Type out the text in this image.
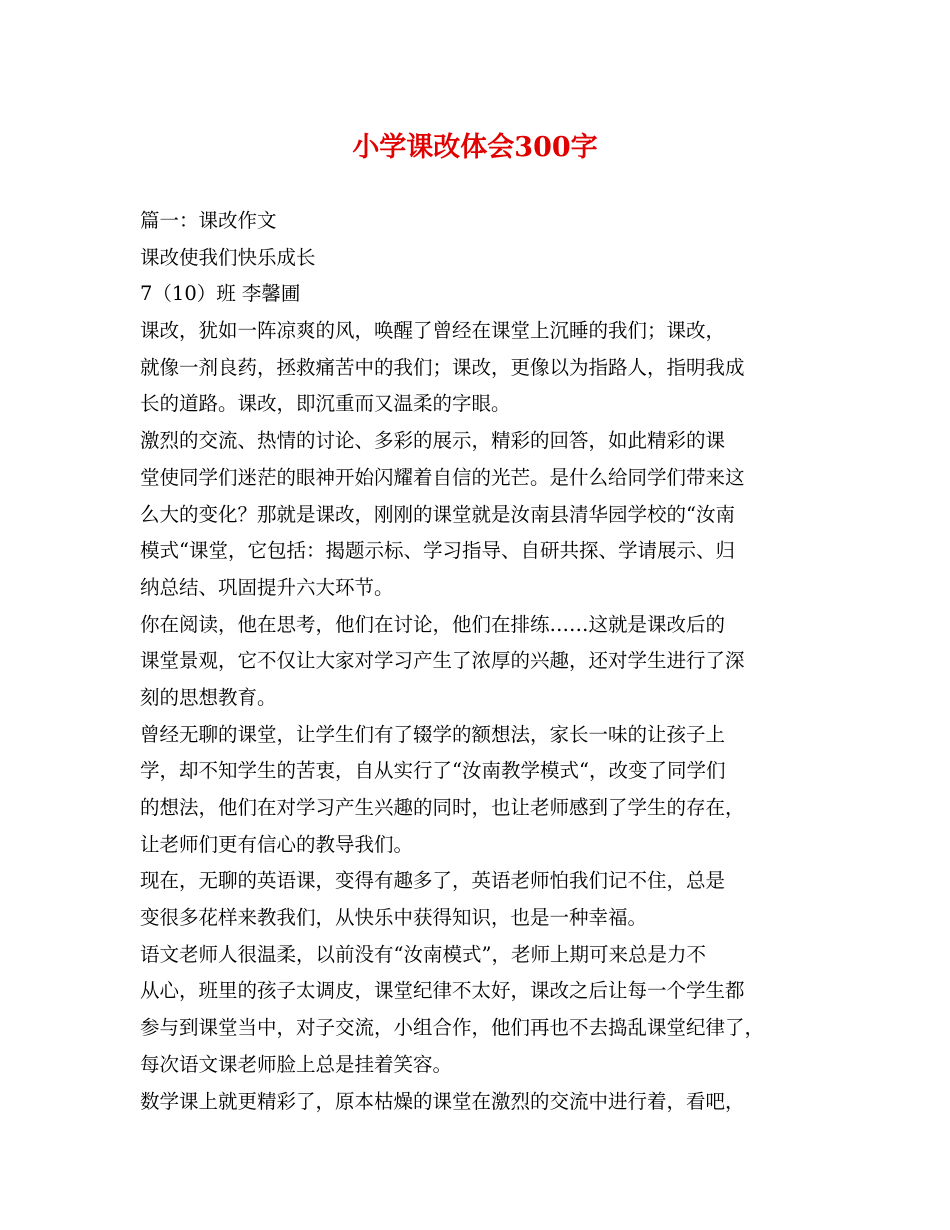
小学课改体会300字

篇一：课改作文

课改使我们快乐成长

7（10）班 李馨圃

课改，犹如一阵凉爽的风，唤醒了曾经在课堂上沉睡的我们；课改，

就像一剂良药，拯救痛苦中的我们；课改，更像以为指路人，指明我成

长的道路。课改，即沉重而又温柔的字眼。

激烈的交流、热情的讨论、多彩的展示，精彩的回答，如此精彩的课

堂使同学们迷茫的眼神开始闪耀着自信的光芒。是什么给同学们带来这

么大的变化？那就是课改，刚刚的课堂就是汝南县清华园学校的“汝南

模式“课堂，它包括：揭题示标、学习指导、自研共探、学请展示、归

纳总结、巩固提升六大环节。

你在阅读，他在思考，他们在讨论，他们在排练……这就是课改后的

课堂景观，它不仅让大家对学习产生了浓厚的兴趣，还对学生进行了深

刻的思想教育。

曾经无聊的课堂，让学生们有了辍学的额想法，家长一味的让孩子上

学，却不知学生的苦衷，自从实行了“汝南教学模式“，改变了同学们

的想法，他们在对学习产生兴趣的同时，也让老师感到了学生的存在，

让老师们更有信心的教导我们。

现在，无聊的英语课，变得有趣多了，英语老师怕我们记不住，总是

变很多花样来教我们，从快乐中获得知识，也是一种幸福。

语文老师人很温柔，以前没有“汝南模式”，老师上期可来总是力不

从心，班里的孩子太调皮，课堂纪律不太好，课改之后让每一个学生都

参与到课堂当中，对子交流，小组合作，他们再也不去捣乱课堂纪律了，

每次语文课老师脸上总是挂着笑容。

数学课上就更精彩了，原本枯燥的课堂在激烈的交流中进行着，看吧，
